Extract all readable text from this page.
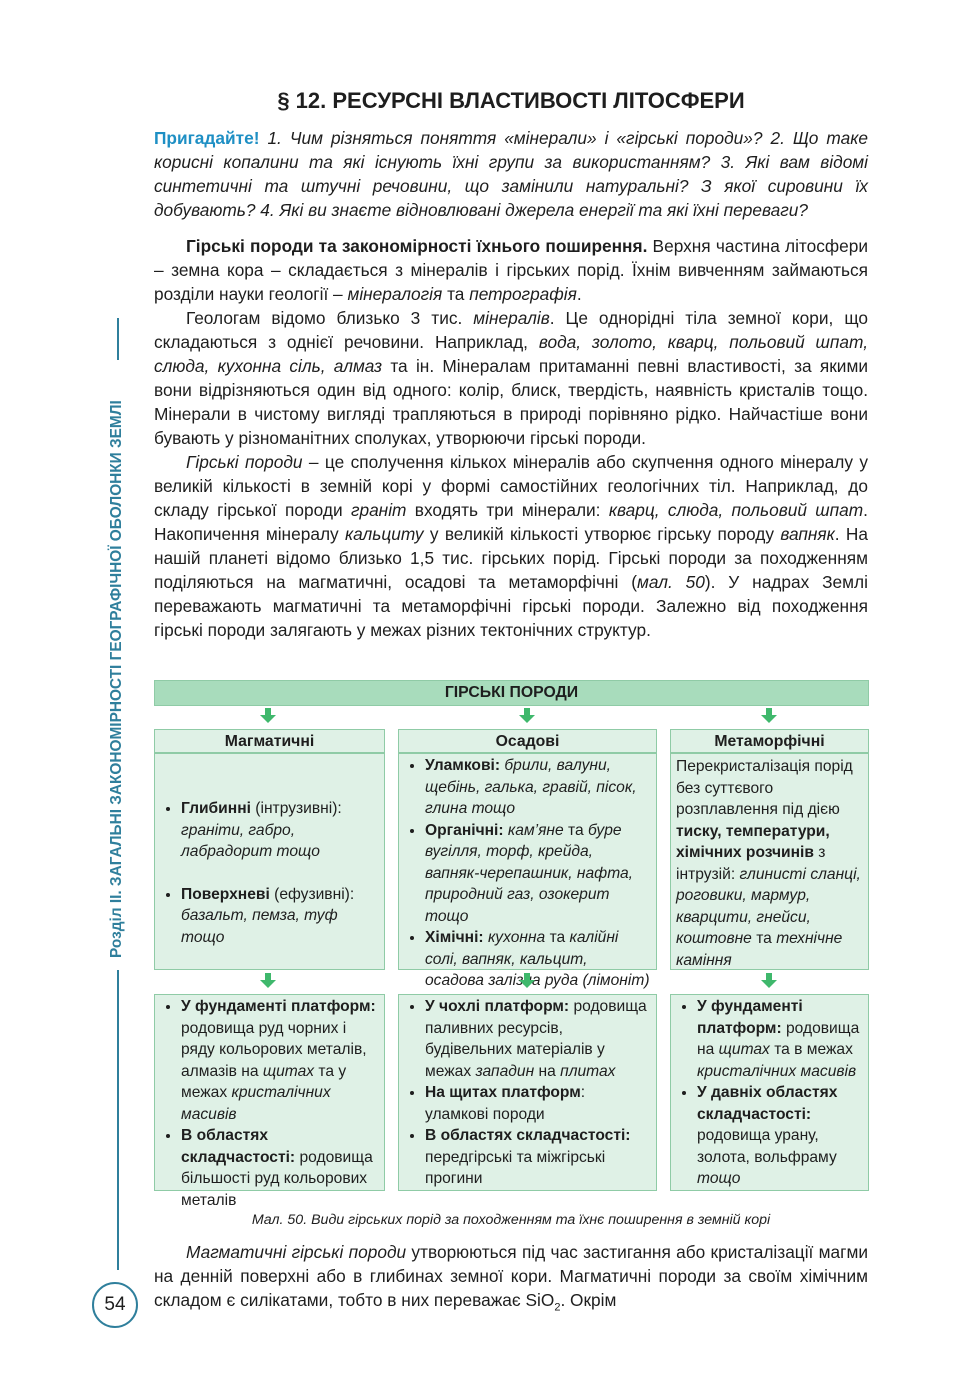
Розділ II. ЗАГАЛЬНІ ЗАКОНОМІРНОСТІ ГЕОГРАФІЧНОЇ ОБОЛОНКИ ЗЕМЛІ
54
§ 12. РЕСУРСНІ ВЛАСТИВОСТІ ЛІТОСФЕРИ
Пригадайте! 1. Чим різняться поняття «мінерали» і «гірські породи»? 2. Що таке корисні копалини та які існують їхні групи за використанням? 3. Які вам відомі синтетичні та штучні речовини, що замінили натуральні? З якої сировини їх добувають? 4. Які ви знаєте відновлювані джерела енергії та які їхні переваги?

Гірські породи та закономірності їхнього поширення. Верхня частина літосфери – земна кора – складається з мінералів і гірських порід. Їхнім вивченням займаються розділи науки геології – мінералогія та петрографія.

Геологам відомо близько 3 тис. мінералів. Це однорідні тіла земної кори, що складаються з однієї речовини. Наприклад, вода, золото, кварц, польовий шпат, слюда, кухонна сіль, алмаз та ін. Мінералам притаманні певні властивості, за якими вони відрізняються один від одного: колір, блиск, твердість, наявність кристалів тощо. Мінерали в чистому вигляді трапляються в природі порівняно рідко. Найчастіше вони бувають у різноманітних сполуках, утворюючи гірські породи.

Гірські породи – це сполучення кількох мінералів або скупчення одного мінералу у великій кількості в земній корі у формі самостійних геологічних тіл. Наприклад, до складу гірської породи граніт входять три мінерали: кварц, слюда, польовий шпат. Накопичення мінералу кальциту у великій кількості утворює гірську породу вапняк. На нашій планеті відомо близько 1,5 тис. гірських порід. Гірські породи за походженням поділяються на магматичні, осадові та метаморфічні (мал. 50). У надрах Землі переважають магматичні та метаморфічні гірські породи. Залежно від походження гірські породи залягають у межах різних тектонічних структур.

ГІРСЬКІ ПОРОДИ
Магматичні	Осадові	Метаморфічні
• Глибинні (інтрузивні):
граніти, габро, лабрадорит тощо
• Поверхневі (ефузивні):
базальт, пемза, туф тощо
• Уламкові: брили, валуни, щебінь, галька, гравій, пісок, глина тощо
• Органічні: кам’яне та буре вугілля, торф, крейда, вапняк-черепашник, нафта, природний газ, озокерит тощо
• Хімічні: кухонна та калійні солі, вапняк, кальцит, осадова залізна руда (лімоніт)
Перекристалізація порід без суттєвого розплавлення під дією тиску, температури, хімічних розчинів з інтрузій: глинисті сланці, роговики, мармур, кварцити, гнейси, коштовне та технічне каміння
• У фундаменті платформ: родовища руд чорних і ряду кольорових металів, алмазів на щитах та у межах кристалічних масивів
• В областях складчастості: родовища більшості руд кольорових металів
• У чохлі платформ: родовища паливних ресурсів, будівельних матеріалів у межах западин на плитах
• На щитах платформ: уламкові породи
• В областях складчастості: передгірські та міжгірські прогини
• У фундаменті платформ: родовища на щитах та в межах кристалічних масивів
• У давніх областях складчастості: родовища урану, золота, вольфраму тощо
Мал. 50. Види гірських порід за походженням та їхнє поширення в земній корі

Магматичні гірські породи утворюються під час застигання або кристалізації магми на денній поверхні або в глибинах земної кори. Магматичні породи за своїм хімічним складом є силікатами, тобто в них переважає SiO$_2$. Окрім
